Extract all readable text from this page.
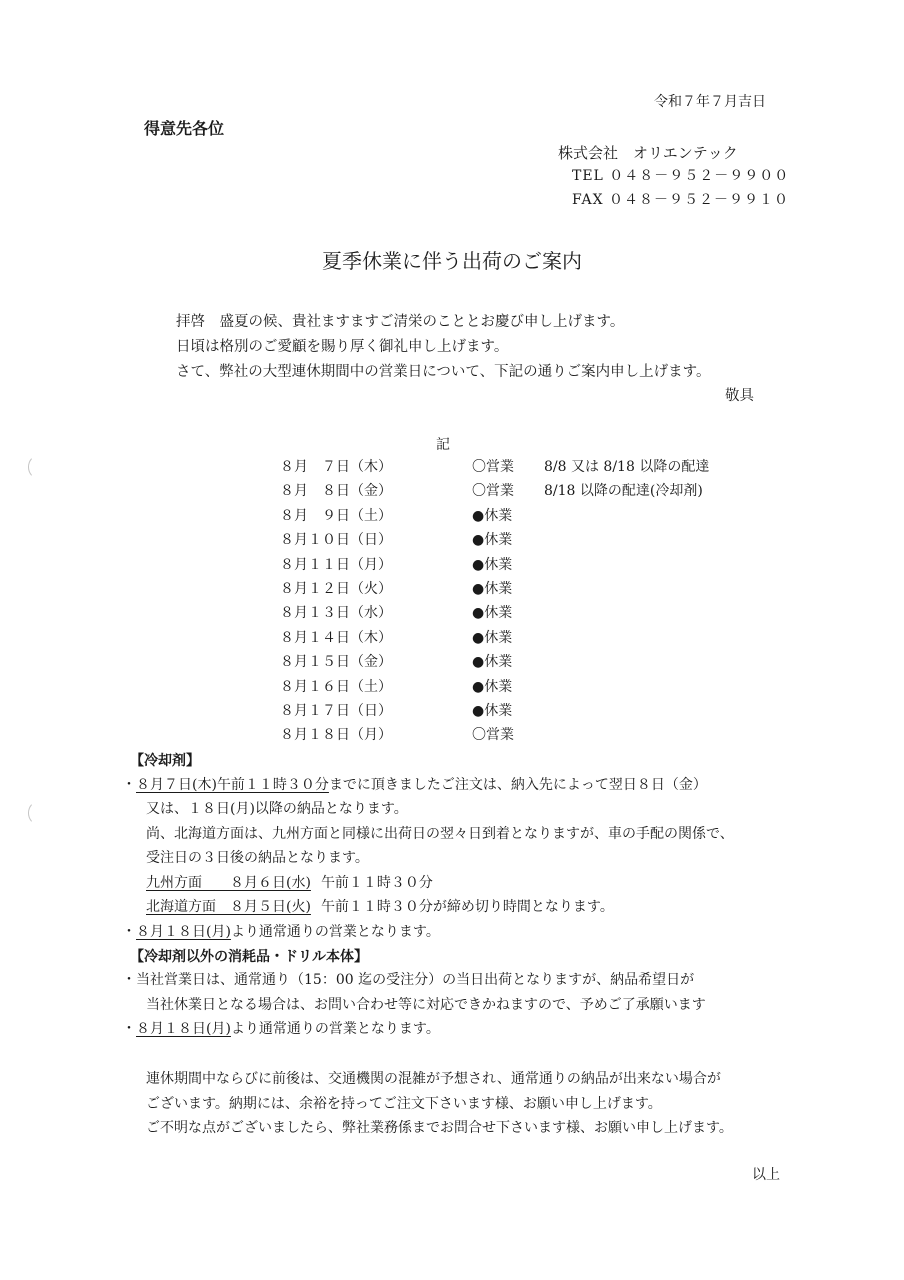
令和７年７月吉日
得意先各位
株式会社　オリエンテック
TEL ０４８－９５２－９９００
FAX ０４８－９５２－９９１０
夏季休業に伴う出荷のご案内
拝啓　盛夏の候、貴社ますますご清栄のこととお慶び申し上げます。
日頃は格別のご愛顧を賜り厚く御礼申し上げます。
さて、弊社の大型連休期間中の営業日について、下記の通りご案内申し上げます。
敬具
記
８月　７日（木）	〇営業 8/8 又は 8/18 以降の配達
８月　８日（金）	〇営業 8/18 以降の配達(冷却剤)
８月　９日（土）	●休業
８月１０日（日）	●休業
８月１１日（月）	●休業
８月１２日（火）	●休業
８月１３日（水）	●休業
８月１４日（木）	●休業
８月１５日（金）	●休業
８月１６日（土）	●休業
８月１７日（日）	●休業
８月１８日（月）	〇営業
【冷却剤】
・８月７日(木)午前１１時３０分までに頂きましたご注文は、納入先によって翌日８日（金）
又は、１８日(月)以降の納品となります。
尚、北海道方面は、九州方面と同様に出荷日の翌々日到着となりますが、車の手配の関係で、
受注日の３日後の納品となります。
九州方面　　８月６日(水) 午前１１時３０分
北海道方面　８月５日(火) 午前１１時３０分が締め切り時間となります。
・８月１８日(月)より通常通りの営業となります。
【冷却剤以外の消耗品・ドリル本体】
・当社営業日は、通常通り（15：00 迄の受注分）の当日出荷となりますが、納品希望日が
当社休業日となる場合は、お問い合わせ等に対応できかねますので、予めご了承願います
・８月１８日(月)より通常通りの営業となります。
連休期間中ならびに前後は、交通機関の混雑が予想され、通常通りの納品が出来ない場合が
ございます。納期には、余裕を持ってご注文下さいます様、お願い申し上げます。
ご不明な点がございましたら、弊社業務係までお問合せ下さいます様、お願い申し上げます。
以上
